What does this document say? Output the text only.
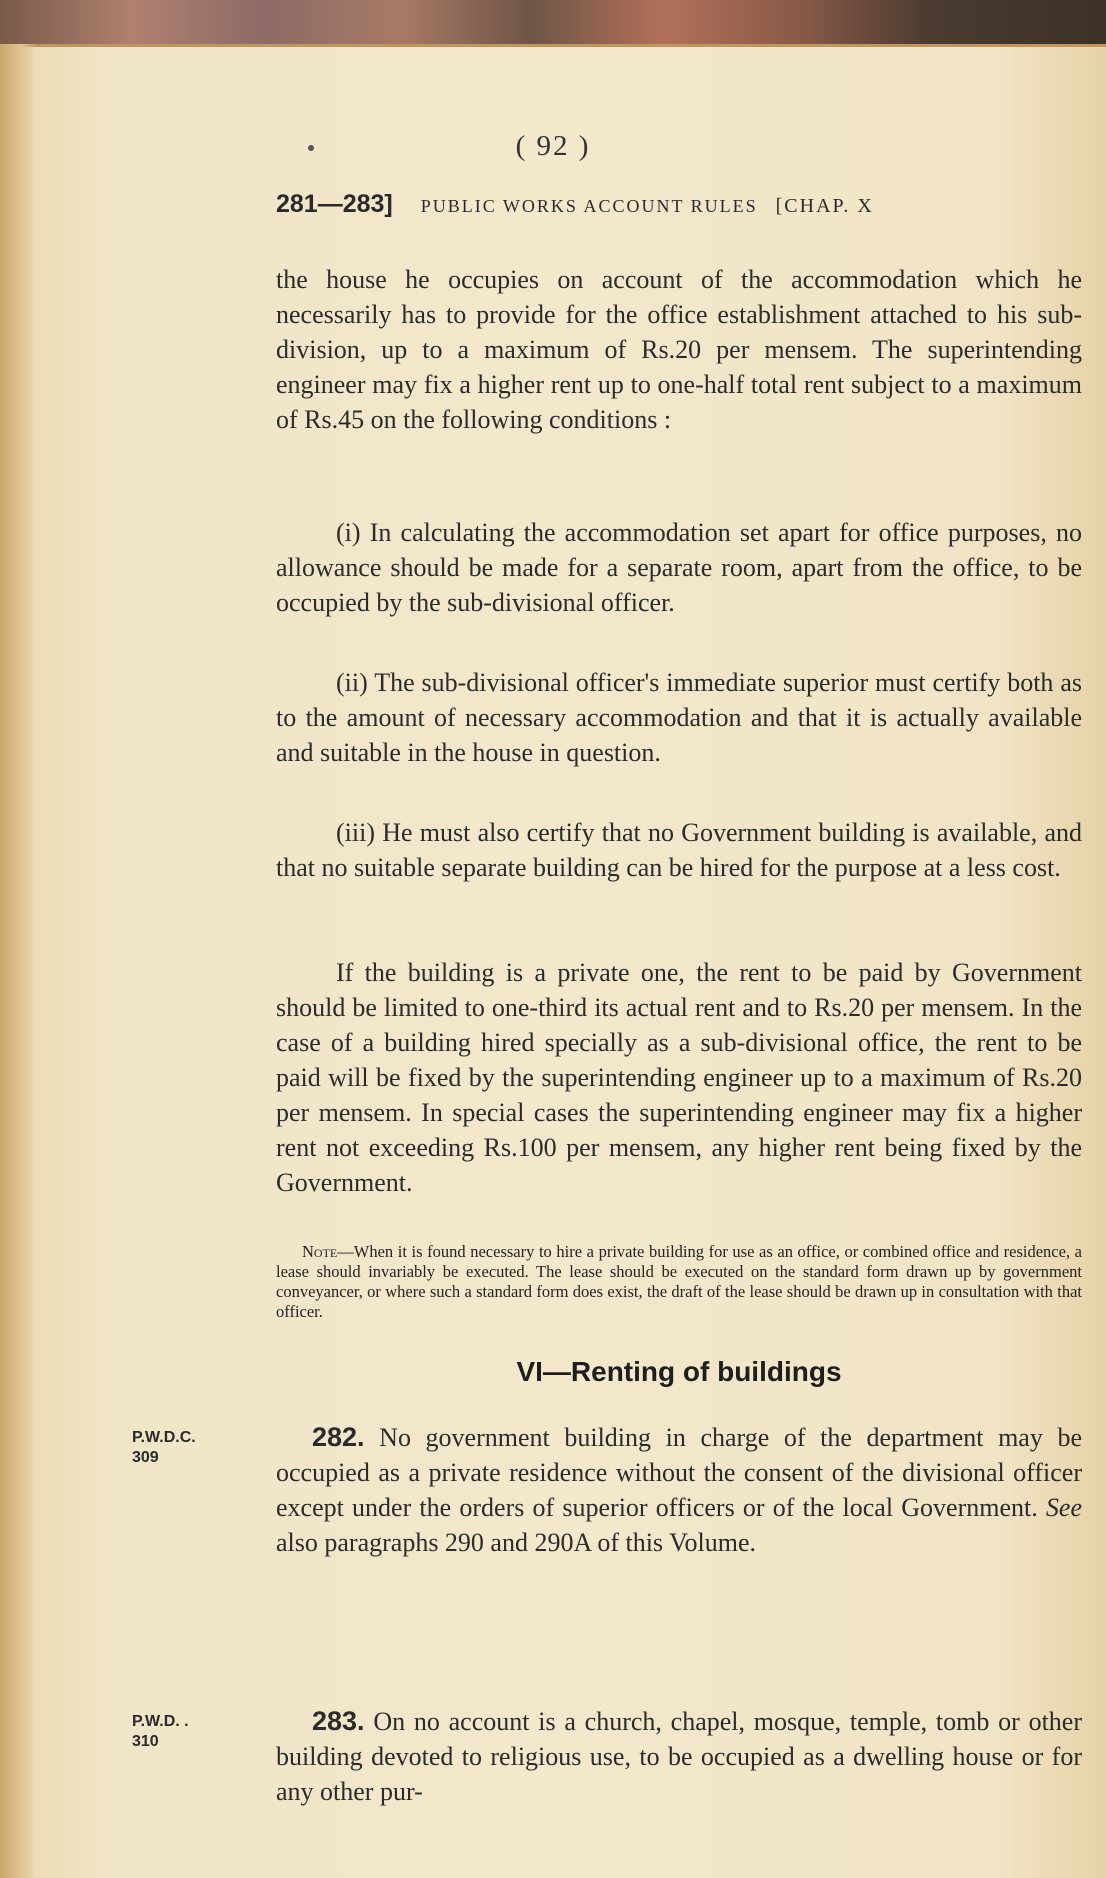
( 92 )
281—283] PUBLIC WORKS ACCOUNT RULES [CHAP. X
the house he occupies on account of the accommodation which he necessarily has to provide for the office establishment attached to his sub-division, up to a maximum of Rs.20 per mensem. The superintending engineer may fix a higher rent up to one-half total rent subject to a maximum of Rs.45 on the following conditions :
(i) In calculating the accommodation set apart for office purposes, no allowance should be made for a separate room, apart from the office, to be occupied by the sub-divisional officer.
(ii) The sub-divisional officer's immediate superior must certify both as to the amount of necessary accommodation and that it is actually available and suitable in the house in question.
(iii) He must also certify that no Government building is available, and that no suitable separate building can be hired for the purpose at a less cost.
If the building is a private one, the rent to be paid by Government should be limited to one-third its actual rent and to Rs.20 per mensem. In the case of a building hired specially as a sub-divisional office, the rent to be paid will be fixed by the superintending engineer up to a maximum of Rs.20 per mensem. In special cases the superintending engineer may fix a higher rent not exceeding Rs.100 per mensem, any higher rent being fixed by the Government.
Note—When it is found necessary to hire a private building for use as an office, or combined office and residence, a lease should invariably be executed. The lease should be executed on the standard form drawn up by government conveyancer, or where such a standard form does exist, the draft of the lease should be drawn up in consultation with that officer.
VI—Renting of buildings
P.W.D.C.
309
282. No government building in charge of the department may be occupied as a private residence without the consent of the divisional officer except under the orders of superior officers or of the local Government. See also paragraphs 290 and 290A of this Volume.
P.W.D. .
310
283. On no account is a church, chapel, mosque, temple, tomb or other building devoted to religious use, to be occupied as a dwelling house or for any other pur-
